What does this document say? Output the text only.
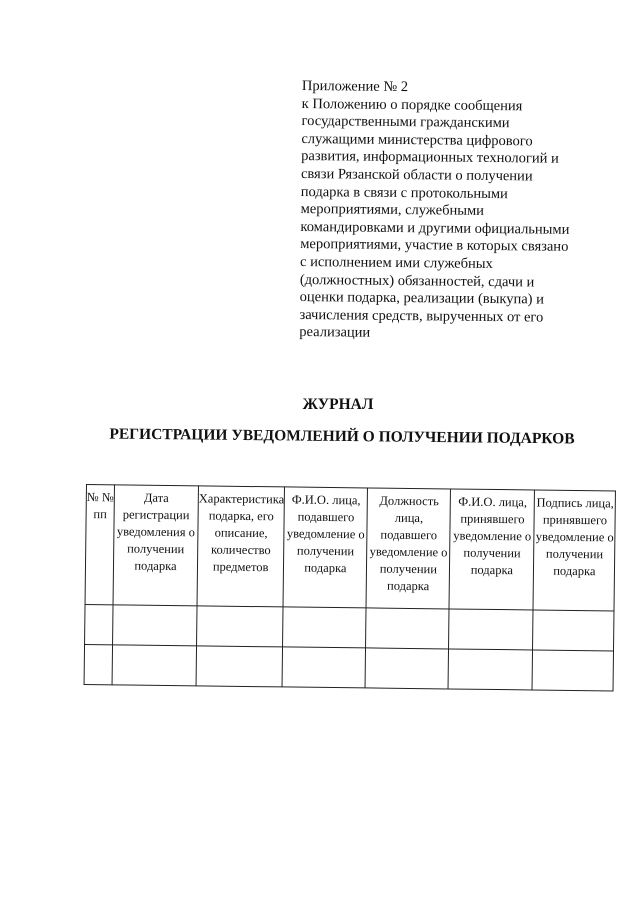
Приложение № 2
к Положению о порядке сообщения
государственными гражданскими
служащими министерства цифрового
развития, информационных технологий и
связи Рязанской области о получении
подарка в связи с протокольными
мероприятиями, служебными
командировками и другими официальными
мероприятиями, участие в которых связано
с исполнением ими служебных
(должностных) обязанностей, сдачи и
оценки подарка, реализации (выкупа) и
зачисления средств, вырученных от его
реализации
ЖУРНАЛ
РЕГИСТРАЦИИ УВЕДОМЛЕНИЙ О ПОЛУЧЕНИИ ПОДАРКОВ
№ № пп	Дата регистрации уведомления о получении подарка	Характеристика подарка, его описание, количество предметов	Ф.И.О. лица, подавшего уведомление о получении подарка	Должность лица, подавшего уведомление о получении подарка	Ф.И.О. лица, принявшего уведомление о получении подарка	Подпись лица, принявшего уведомление о получении подарка
